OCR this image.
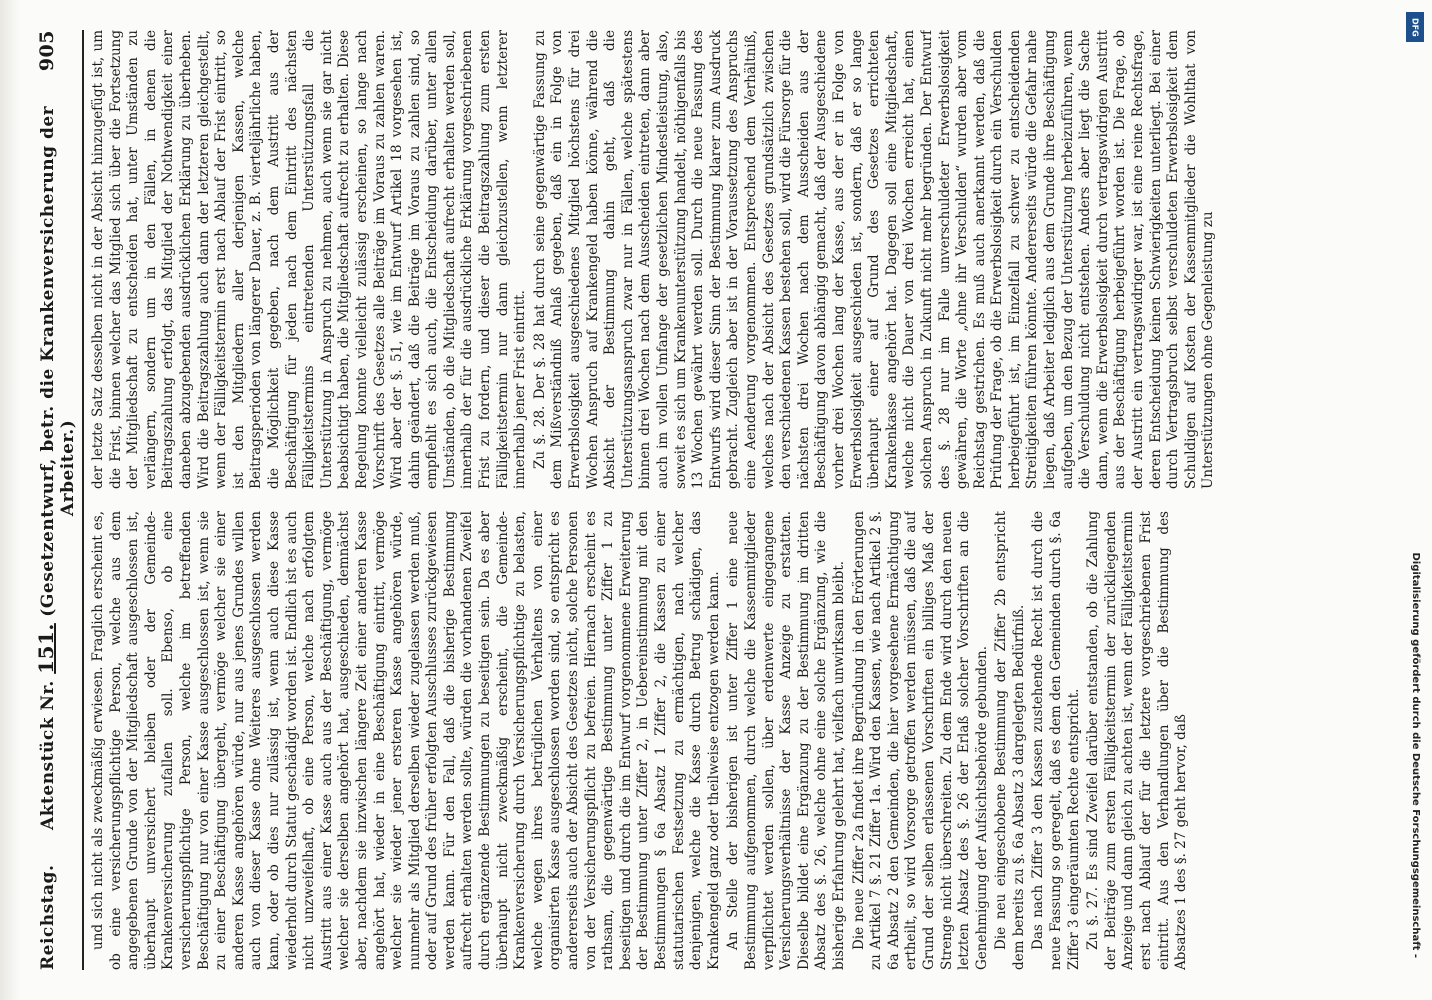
Reichstag.
Aktenstück Nr. 151. (Gesetzentwurf, betr. die Krankenversicherung der Arbeiter.)
905

und sich nicht als zweckmäßig erwiesen. Fraglich erscheint es, ob eine versicherungspflichtige Person, welche aus dem angegebenen Grunde von der Mitgliedschaft ausgeschlossen ist, überhaupt unversichert bleiben oder der Gemeinde-Krankenversicherung zufallen soll. Ebenso, ob eine versicherungspflichtige Person, welche im betreffenden Beschäftigung nur von einer Kasse ausgeschlossen ist, wenn sie zu einer Beschäftigung übergeht, vermöge welcher sie einer anderen Kasse angehören würde, nur aus jenes Grundes willen auch von dieser Kasse ohne Weiteres ausgeschlossen werden kann, oder ob dies nur zulässig ist, wenn auch diese Kasse wiederholt durch Statut geschädigt worden ist. Endlich ist es auch nicht unzweifelhaft, ob eine Person, welche nach erfolgtem Austritt aus einer Kasse auch aus der Beschäftigung, vermöge welcher sie derselben angehört hat, ausgeschieden, demnächst aber, nachdem sie inzwischen längere Zeit einer anderen Kasse angehört hat, wieder in eine Beschäftigung eintritt, vermöge welcher sie wieder jener ersteren Kasse angehören würde, nunmehr als Mitglied derselben wieder zugelassen werden muß, oder auf Grund des früher erfolgten Ausschlusses zurückgewiesen werden kann. Für den Fall, daß die bisherige Bestimmung aufrecht erhalten werden sollte, würden die vorhandenen Zweifel durch ergänzende Bestimmungen zu beseitigen sein. Da es aber überhaupt nicht zweckmäßig erscheint, die Gemeinde-Krankenversicherung durch Versicherungspflichtige zu belasten, welche wegen ihres betrüglichen Verhaltens von einer organisirten Kasse ausgeschlossen worden sind, so entspricht es andererseits auch der Absicht des Gesetzes nicht, solche Personen von der Versicherungspflicht zu befreien. Hiernach erscheint es rathsam, die gegenwärtige Bestimmung unter Ziffer 1 zu beseitigen und durch die im Entwurf vorgenommene Erweiterung der Bestimmung unter Ziffer 2, in Uebereinstimmung mit den Bestimmungen § 6a Absatz 1 Ziffer 2, die Kassen zu einer statutarischen Festsetzung zu ermächtigen, nach welcher denjenigen, welche die Kasse durch Betrug schädigen, das Krankengeld ganz oder theilweise entzogen werden kann. An Stelle der bisherigen ist unter Ziffer 1 eine neue Bestimmung aufgenommen, durch welche die Kassenmitglieder verpflichtet werden sollen, über erdenwerte eingegangene Versicherungsverhältnisse der Kasse Anzeige zu erstatten. Dieselbe bildet eine Ergänzung zu der Bestimmung im dritten Absatz des §. 26, welche ohne eine solche Ergänzung, wie die bisherige Erfahrung gelehrt hat, vielfach unwirksam bleibt. Die neue Ziffer 2a findet ihre Begründung in den Erörterungen zu Artikel 7 §. 21 Ziffer 1a. Wird den Kassen, wie nach Artikel 2 §. 6a Absatz 2 den Gemeinden, die hier vorgesehene Ermächtigung ertheilt, so wird Vorsorge getroffen werden müssen, daß die auf Grund der selben erlassenen Vorschriften ein billiges Maß der Strenge nicht überschreiten. Zu dem Ende wird durch den neuen letzten Absatz des §. 26 der Erlaß solcher Vorschriften an die Genehmigung der Aufsichtsbehörde gebunden. Die neu eingeschobene Bestimmung der Ziffer 2b entspricht dem bereits zu §. 6a Absatz 3 dargelegten Bedürfniß. Das nach Ziffer 3 den Kassen zustehende Recht ist durch die neue Fassung so geregelt, daß es dem den Gemeinden durch §. 6a Ziffer 3 eingeräumten Rechte entspricht. Zu §. 27. Es sind Zweifel darüber entstanden, ob die Zahlung der Beiträge zum ersten Fälligkeitstermin der zurückliegenden Anzeige und dann gleich zu achten ist, wenn der Fälligkeitstermin erst nach Ablauf der für die letztere vorgeschriebenen Frist eintritt. Aus den Verhandlungen über die Bestimmung des Absatzes 1 des §. 27 geht hervor, daß

der letzte Satz desselben nicht in der Absicht hinzugefügt ist, um die Frist, binnen welcher das Mitglied sich über die Fortsetzung der Mitgliedschaft zu entscheiden hat, unter Umständen zu verlängern, sondern um in den Fällen, in denen die Beitragszahlung erfolgt, das Mitglied der Nothwendigkeit einer daneben abzugebenden ausdrücklichen Erklärung zu überheben. Wird die Beitragszahlung auch dann der letzteren gleichgestellt, wenn der Fälligkeitstermin erst nach Ablauf der Frist eintritt, so ist den Mitgliedern aller derjenigen Kassen, welche Beitragsperioden von längerer Dauer, z. B. vierteljährliche haben, die Möglichkeit gegeben, nach dem Austritt aus der Beschäftigung für jeden nach dem Eintritt des nächsten Fälligkeitstermins eintretenden Unterstützungsfall die Unterstützung in Anspruch zu nehmen, auch wenn sie gar nicht beabsichtigt haben, die Mitgliedschaft aufrecht zu erhalten. Diese Regelung konnte vielleicht zulässig erscheinen, so lange nach Vorschrift des Gesetzes alle Beiträge im Voraus zu zahlen waren. Wird aber der §. 51, wie im Entwurf Artikel 18 vorgesehen ist, dahin geändert, daß die Beiträge im Voraus zu zahlen sind, so empfiehlt es sich auch, die Entscheidung darüber, unter allen Umständen, ob die Mitgliedschaft aufrecht erhalten werden soll, innerhalb der für die ausdrückliche Erklärung vorgeschriebenen Frist zu fordern, und dieser die Beitragszahlung zum ersten Fälligkeitstermin nur dann gleichzustellen, wenn letzterer innerhalb jener Frist eintritt. Zu §. 28. Der §. 28 hat durch seine gegenwärtige Fassung zu dem Mißverständniß Anlaß gegeben, daß ein in Folge von Erwerbslosigkeit ausgeschiedenes Mitglied höchstens für drei Wochen Anspruch auf Krankengeld haben könne, während die Absicht der Bestimmung dahin geht, daß die Unterstützungsanspruch zwar nur in Fällen, welche spätestens binnen drei Wochen nach dem Ausscheiden eintreten, dann aber auch im vollen Umfange der gesetzlichen Mindestleistung, also, soweit es sich um Krankenunterstützung handelt, nöthigenfalls bis 13 Wochen gewährt werden soll. Durch die neue Fassung des Entwurfs wird dieser Sinn der Bestimmung klarer zum Ausdruck gebracht. Zugleich aber ist in der Voraussetzung des Anspruchs eine Aenderung vorgenommen. Entsprechend dem Verhältniß, welches nach der Absicht des Gesetzes grundsätzlich zwischen den verschiedenen Kassen bestehen soll, wird die Fürsorge für die nächsten drei Wochen nach dem Ausscheiden aus der Beschäftigung davon abhängig gemacht, daß der Ausgeschiedene vorher drei Wochen lang der Kasse, aus der er in Folge von Erwerbslosigkeit ausgeschieden ist, sondern, daß er so lange überhaupt einer auf Grund des Gesetzes errichteten Krankenkasse angehört hat. Dagegen soll eine Mitgliedschaft, welche nicht die Dauer von drei Wochen erreicht hat, einen solchen Anspruch in Zukunft nicht mehr begründen. Der Entwurf des §. 28 nur im Falle unverschuldeter Erwerbslosigkeit gewähren, die Worte „ohne ihr Verschulden“ wurden aber vom Reichstag gestrichen. Es muß auch anerkannt werden, daß die Prüfung der Frage, ob die Erwerbslosigkeit durch ein Verschulden herbeigeführt ist, im Einzelfall zu schwer zu entscheidenden Streitigkeiten führen könnte. Andererseits würde die Gefahr nahe liegen, daß Arbeiter lediglich aus dem Grunde ihre Beschäftigung aufgeben, um den Bezug der Unterstützung herbeizuführen, wenn die Verschuldung nicht entstehen. Anders aber liegt die Sache dann, wenn die Erwerbslosigkeit durch vertragswidrigen Austritt aus der Beschäftigung herbeigeführt worden ist. Die Frage, ob der Austritt ein vertragswidriger war, ist eine reine Rechtsfrage, deren Entscheidung keinen Schwierigkeiten unterliegt. Bei einer durch Vertragsbruch selbst verschuldeten Erwerbslosigkeit dem Schuldigen auf Kosten der Kassenmitglieder die Wohlthat von Unterstützungen ohne Gegenleistung zu

Digitalisierung gefördert durch die Deutsche Forschungsgemeinschaft -
DFG
